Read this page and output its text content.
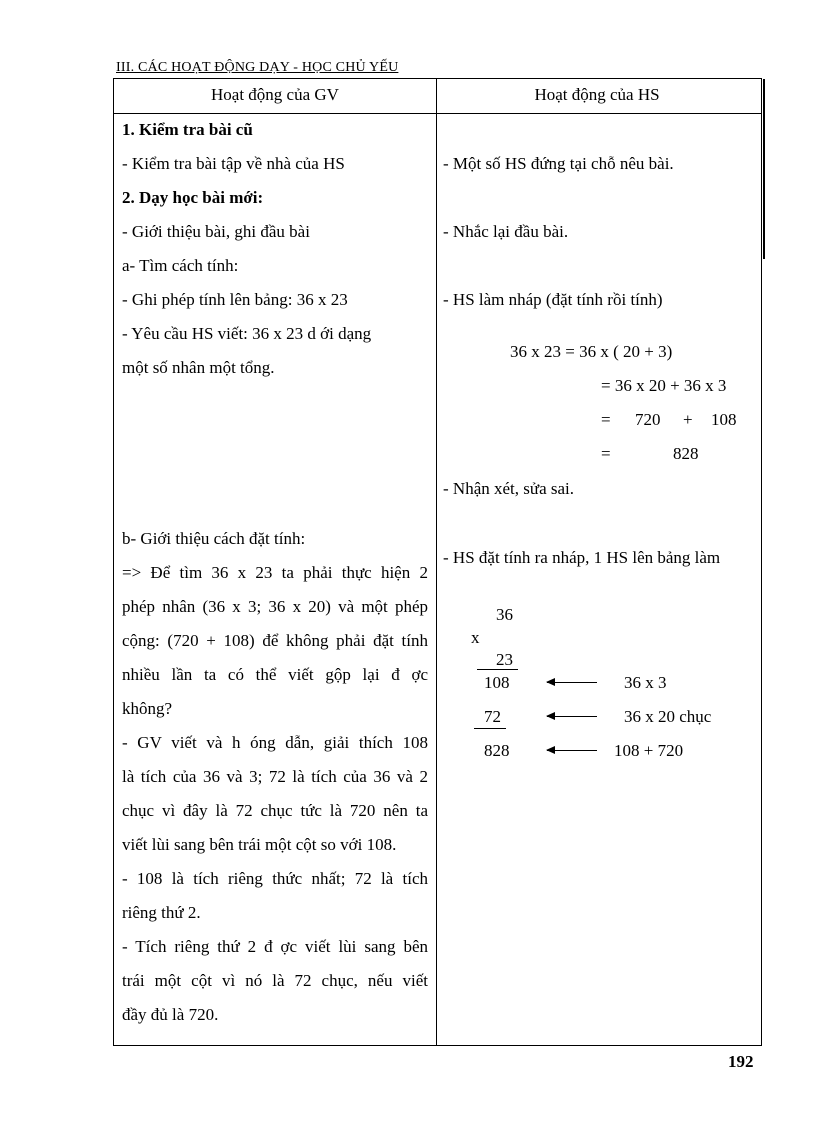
III. CÁC HOẠT ĐỘNG DẠY - HỌC CHỦ YẾU
Hoạt động của GV	Hoạt động của HS
1. Kiểm tra bài cũ
- Kiểm tra bài tập về nhà của HS
2. Dạy học bài mới:
- Giới thiệu bài, ghi đầu bài
a- Tìm cách tính:
- Ghi phép tính lên bảng: 36 x 23
- Yêu cầu HS viết: 36 x 23 d ới dạng
một số nhân một tổng.
b- Giới thiệu cách đặt tính:
=> Để tìm 36 x 23 ta phải thực hiện 2
phép nhân (36 x 3; 36 x 20) và một phép
cộng: (720 + 108) để không phải đặt tính
nhiều lần ta có thể viết gộp lại đ ợc
không?
- GV viết và h óng dẫn, giải thích 108
là tích của 36 và 3; 72 là tích của 36 và 2
chục vì đây là 72 chục tức là 720 nên ta
viết lùi sang bên trái một cột so với 108.
- 108 là tích riêng thức nhất; 72 là tích
riêng thứ 2.
- Tích riêng thứ 2 đ ợc viết lùi sang bên
trái một cột vì nó là 72 chục, nếu viết
đầy đủ là 720.
- Một số HS đứng tại chỗ nêu bài.
- Nhắc lại đầu bài.
- HS làm nháp (đặt tính rồi tính)
36 x 23 = 36 x ( 20 + 3)
= 36 x 20 + 36 x 3
= 720 + 108
=	828
- Nhận xét, sửa sai.
- HS đặt tính ra nháp, 1 HS lên bảng làm
36
x
23
108
72
828
36 x 3
36 x 20 chục
108 + 720
192
